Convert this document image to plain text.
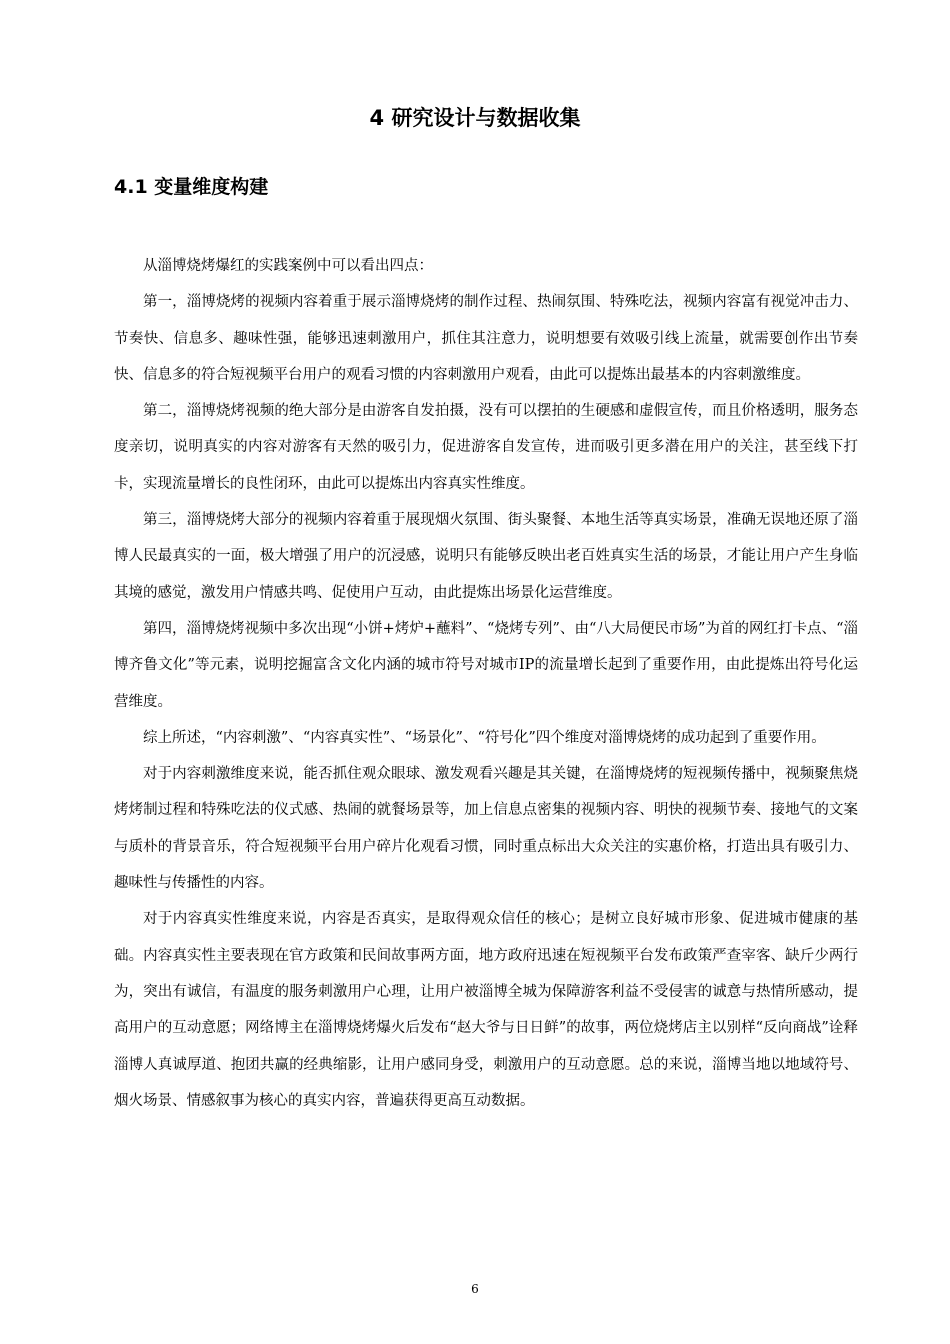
4 研究设计与数据收集
4.1 变量维度构建

从淄博烧烤爆红的实践案例中可以看出四点：

第一，淄博烧烤的视频内容着重于展示淄博烧烤的制作过程、热闹氛围、特殊吃法，视频内容富有视觉冲击力、节奏快、信息多、趣味性强，能够迅速刺激用户，抓住其注意力，说明想要有效吸引线上流量，就需要创作出节奏快、信息多的符合短视频平台用户的观看习惯的内容刺激用户观看，由此可以提炼出最基本的内容刺激维度。

第二，淄博烧烤视频的绝大部分是由游客自发拍摄，没有可以摆拍的生硬感和虚假宣传，而且价格透明，服务态度亲切，说明真实的内容对游客有天然的吸引力，促进游客自发宣传，进而吸引更多潜在用户的关注，甚至线下打卡，实现流量增长的良性闭环，由此可以提炼出内容真实性维度。

第三，淄博烧烤大部分的视频内容着重于展现烟火氛围、街头聚餐、本地生活等真实场景，准确无误地还原了淄博人民最真实的一面，极大增强了用户的沉浸感，说明只有能够反映出老百姓真实生活的场景，才能让用户产生身临其境的感觉，激发用户情感共鸣、促使用户互动，由此提炼出场景化运营维度。

第四，淄博烧烤视频中多次出现“小饼+烤炉+蘸料”、“烧烤专列”、由“八大局便民市场”为首的网红打卡点、“淄博齐鲁文化”等元素，说明挖掘富含文化内涵的城市符号对城市IP的流量增长起到了重要作用，由此提炼出符号化运营维度。

综上所述，“内容刺激”、“内容真实性”、“场景化”、“符号化”四个维度对淄博烧烤的成功起到了重要作用。

对于内容刺激维度来说，能否抓住观众眼球、激发观看兴趣是其关键，在淄博烧烤的短视频传播中，视频聚焦烧烤烤制过程和特殊吃法的仪式感、热闹的就餐场景等，加上信息点密集的视频内容、明快的视频节奏、接地气的文案与质朴的背景音乐，符合短视频平台用户碎片化观看习惯，同时重点标出大众关注的实惠价格，打造出具有吸引力、趣味性与传播性的内容。

对于内容真实性维度来说，内容是否真实，是取得观众信任的核心；是树立良好城市形象、促进城市健康的基础。内容真实性主要表现在官方政策和民间故事两方面，地方政府迅速在短视频平台发布政策严查宰客、缺斤少两行为，突出有诚信，有温度的服务刺激用户心理，让用户被淄博全城为保障游客利益不受侵害的诚意与热情所感动，提高用户的互动意愿；网络博主在淄博烧烤爆火后发布“赵大爷与日日鲜”的故事，两位烧烤店主以别样“反向商战”诠释淄博人真诚厚道、抱团共赢的经典缩影，让用户感同身受，刺激用户的互动意愿。总的来说，淄博当地以地域符号、烟火场景、情感叙事为核心的真实内容，普遍获得更高互动数据。

6
